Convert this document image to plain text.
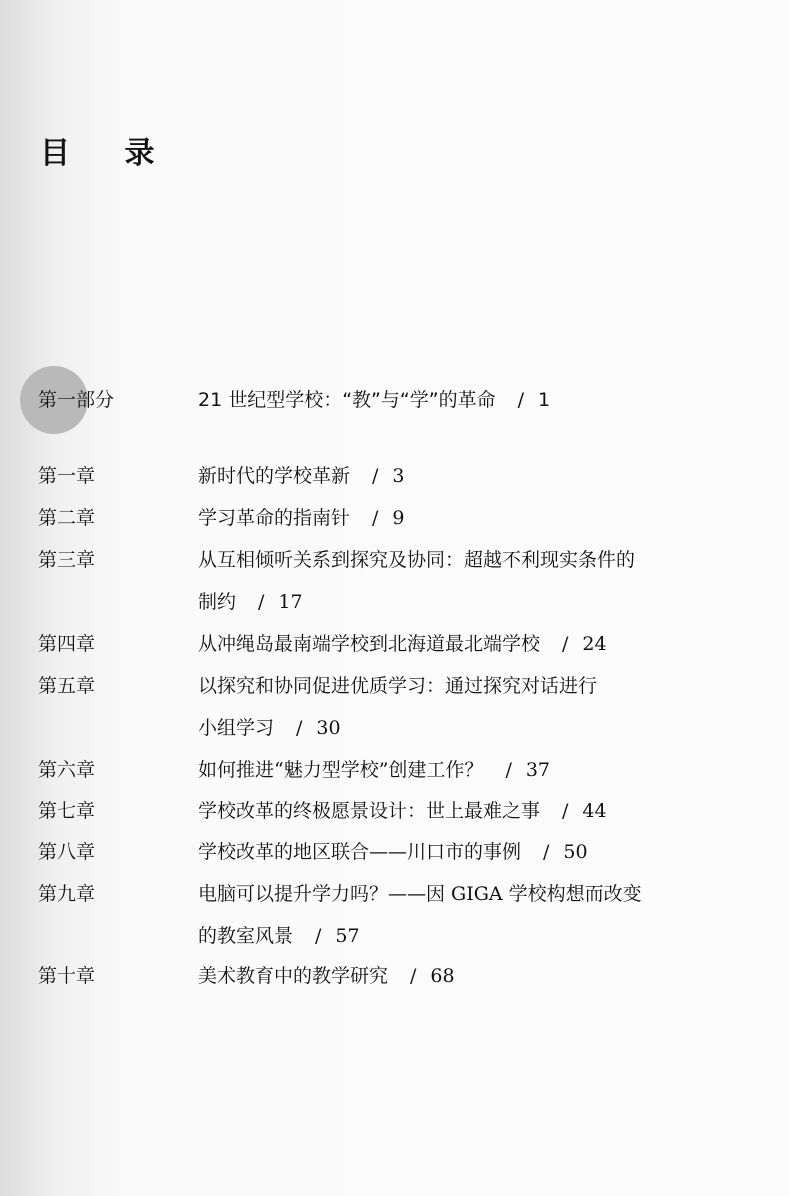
目 录
第一部分	21 世纪型学校：“教”与“学”的革命 / 1
第一章	新时代的学校革新 / 3
第二章	学习革命的指南针 / 9
第三章	从互相倾听关系到探究及协同：超越不利现实条件的
制约 / 17
第四章	从冲绳岛最南端学校到北海道最北端学校 / 24
第五章	以探究和协同促进优质学习：通过探究对话进行
小组学习 / 30
第六章	如何推进“魅力型学校”创建工作？ / 37
第七章	学校改革的终极愿景设计：世上最难之事 / 44
第八章	学校改革的地区联合——川口市的事例 / 50
第九章	电脑可以提升学力吗？——因 GIGA 学校构想而改变
的教室风景 / 57
第十章	美术教育中的教学研究 / 68
